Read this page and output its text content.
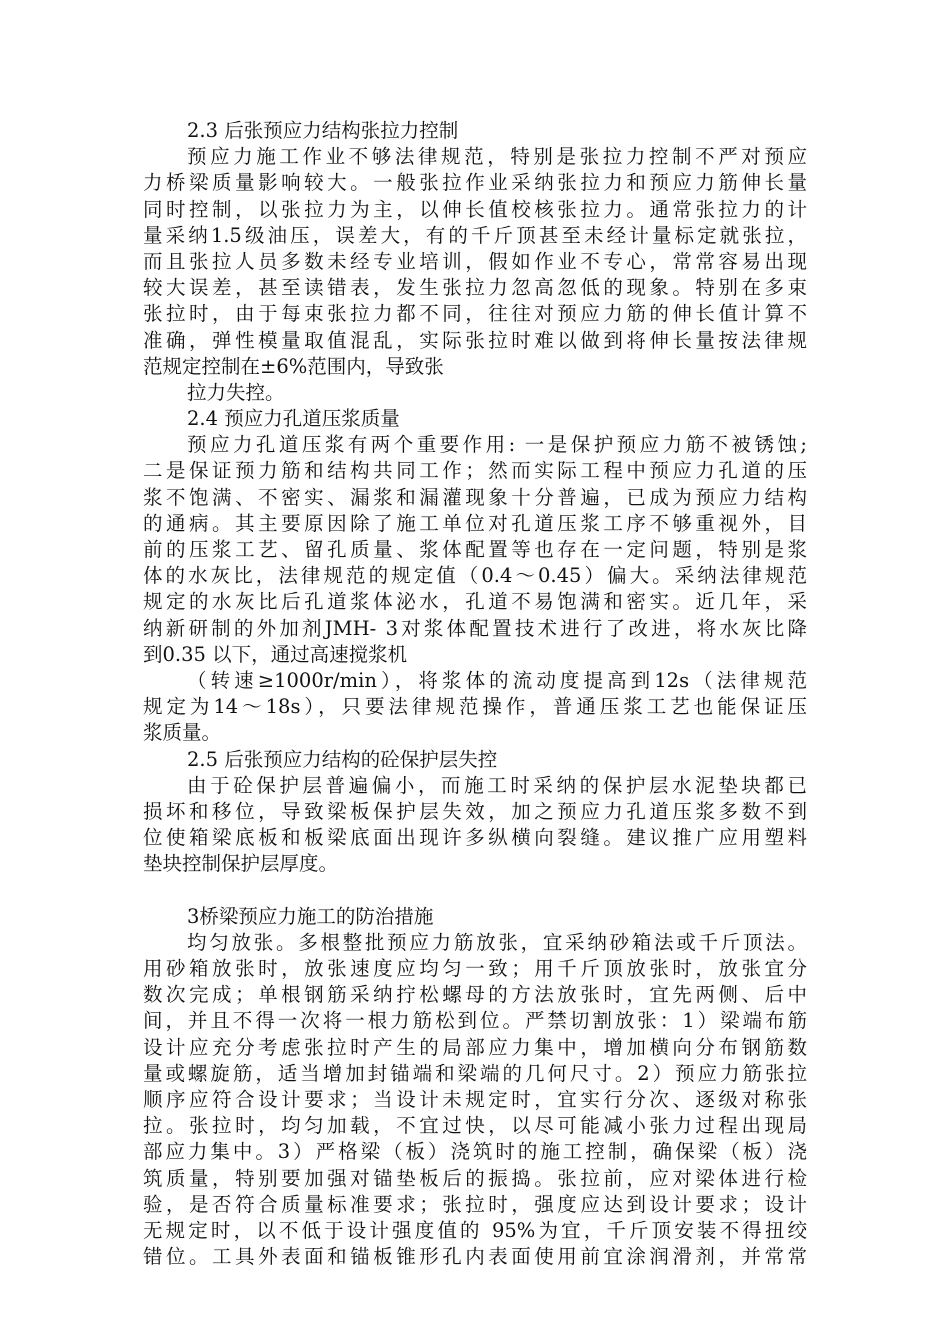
2.3 后张预应力结构张拉力控制
预应力施工作业不够法律规范，特别是张拉力控制不严对预应
力桥梁质量影响较大。一般张拉作业采纳张拉力和预应力筋伸长量
同时控制，以张拉力为主，以伸长值校核张拉力。通常张拉力的计
量采纳1.5级油压，误差大，有的千斤顶甚至未经计量标定就张拉，
而且张拉人员多数未经专业培训，假如作业不专心，常常容易出现
较大误差，甚至读错表，发生张拉力忽高忽低的现象。特别在多束
张拉时，由于每束张拉力都不同，往往对预应力筋的伸长值计算不
准确，弹性模量取值混乱，实际张拉时难以做到将伸长量按法律规
范规定控制在±6%范围内，导致张
拉力失控。
2.4 预应力孔道压浆质量
预应力孔道压浆有两个重要作用: 一是保护预应力筋不被锈蚀;
二是保证预力筋和结构共同工作；然而实际工程中预应力孔道的压
浆不饱满、不密实、漏浆和漏灌现象十分普遍，已成为预应力结构
的通病。其主要原因除了施工单位对孔道压浆工序不够重视外，目
前的压浆工艺、留孔质量、浆体配置等也存在一定问题，特别是浆
体的水灰比，法律规范的规定值（0.4～0.45）偏大。采纳法律规范
规定的水灰比后孔道浆体泌水，孔道不易饱满和密实。近几年，采
纳新研制的外加剂JMH- 3对浆体配置技术进行了改进，将水灰比降
到0.35 以下，通过高速搅浆机
（转速≥1000r/min），将浆体的流动度提高到12s（法律规范
规定为14～18s），只要法律规范操作，普通压浆工艺也能保证压
浆质量。
2.5 后张预应力结构的砼保护层失控
由于砼保护层普遍偏小，而施工时采纳的保护层水泥垫块都已
损坏和移位，导致梁板保护层失效，加之预应力孔道压浆多数不到
位使箱梁底板和板梁底面出现许多纵横向裂缝。建议推广应用塑料
垫块控制保护层厚度。
3桥梁预应力施工的防治措施
均匀放张。多根整批预应力筋放张，宜采纳砂箱法或千斤顶法。
用砂箱放张时，放张速度应均匀一致；用千斤顶放张时，放张宜分
数次完成；单根钢筋采纳拧松螺母的方法放张时，宜先两侧、后中
间，并且不得一次将一根力筋松到位。严禁切割放张：1）梁端布筋
设计应充分考虑张拉时产生的局部应力集中，增加横向分布钢筋数
量或螺旋筋，适当增加封锚端和梁端的几何尺寸。2）预应力筋张拉
顺序应符合设计要求；当设计未规定时，宜实行分次、逐级对称张
拉。张拉时，均匀加载，不宜过快，以尽可能减小张力过程出现局
部应力集中。3）严格梁（板）浇筑时的施工控制，确保梁（板）浇
筑质量，特别要加强对锚垫板后的振捣。张拉前，应对梁体进行检
验，是否符合质量标准要求；张拉时，强度应达到设计要求；设计
无规定时，以不低于设计强度值的 95%为宜，千斤顶安装不得扭绞
错位。工具外表面和锚板锥形孔内表面使用前宜涂润滑剂，并常常
